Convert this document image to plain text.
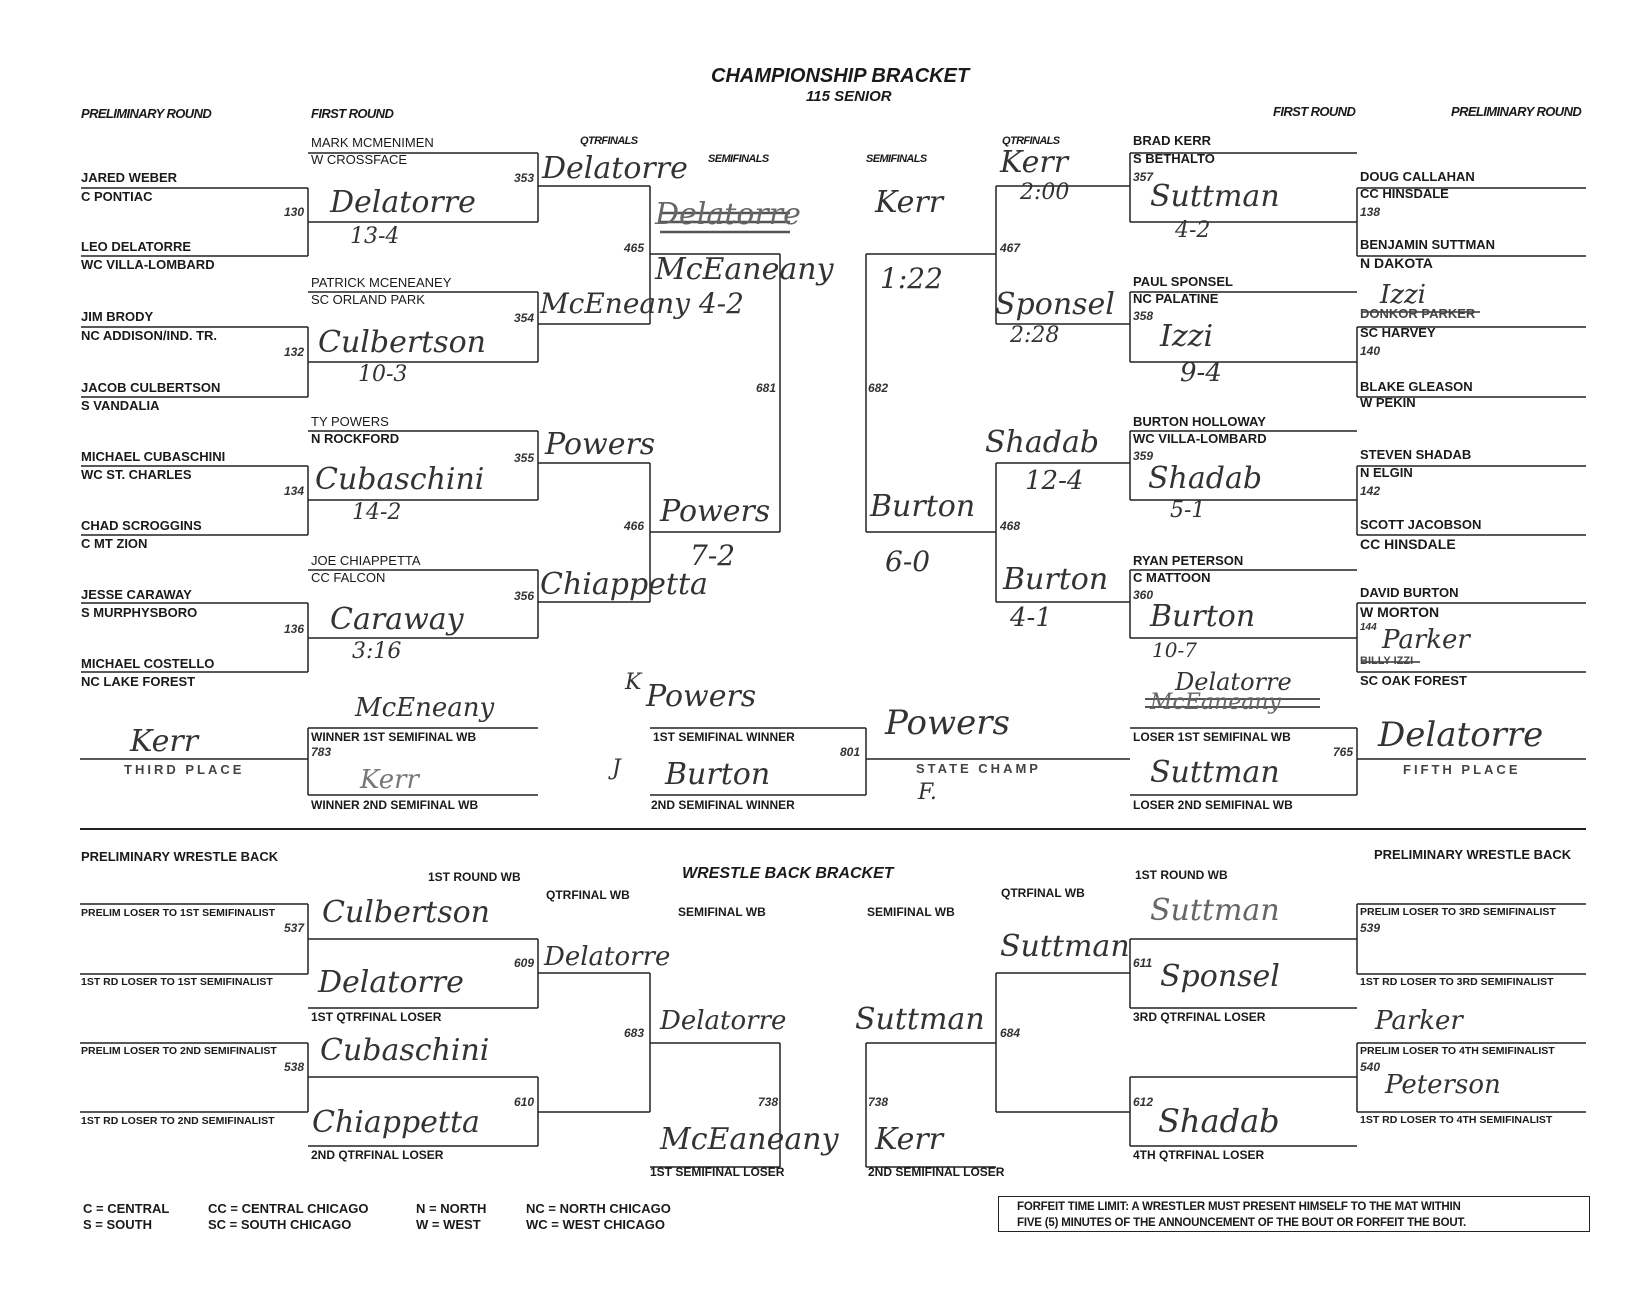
CHAMPIONSHIP BRACKET
115 SENIOR
PRELIMINARY ROUND	FIRST ROUND
QTRFINALS
SEMIFINALS	SEMIFINALS
QTRFINALS
FIRST ROUND	PRELIMINARY ROUND
JARED WEBER
C PONTIAC
LEO DELATORRE
WC VILLA-LOMBARD
JIM BRODY
NC ADDISON/IND. TR.
JACOB CULBERTSON
S VANDALIA
MICHAEL CUBASCHINI
WC ST. CHARLES
CHAD SCROGGINS
C MT ZION
JESSE CARAWAY
S MURPHYSBORO
MICHAEL COSTELLO
NC LAKE FOREST
130
132
134
136
Delatorre
13-4
Culbertson
10-3
Cubaschini
14-2
Caraway
3:16
MARK MCMENIMEN
W CROSSFACE
353
PATRICK MCENEANEY
SC ORLAND PARK
354
TY POWERS
N ROCKFORD
355
JOE CHIAPPETTA
CC FALCON
356
Delatorre
McEneany 4-2
Powers
Chiappetta
465
466
Delatorre
McEaneany
Powers
7-2
681	682
Kerr
1:22
Burton
6-0
Kerr
2:00
Sponsel
2:28
Shadab
12-4
Burton
4-1
467
468
BRAD KERR
S BETHALTO
357
PAUL SPONSEL
NC PALATINE
358
BURTON HOLLOWAY
WC VILLA-LOMBARD
359
RYAN PETERSON
C MATTOON
360
Suttman
4-2
Izzi
9-4
Shadab
5-1
Burton
10-7
DOUG CALLAHAN
CC HINSDALE
138
BENJAMIN SUTTMAN
N DAKOTA
DONKOR PARKER
SC HARVEY
140
BLAKE GLEASON
W PEKIN
STEVEN SHADAB
N ELGIN
142
SCOTT JACOBSON
CC HINSDALE
DAVID BURTON
W MORTON
144
BILLY IZZI
SC OAK FOREST
Izzi
Parker
McEneany
WINNER 1ST SEMIFINAL WB
783
Kerr
WINNER 2ND SEMIFINAL WB
Kerr
THIRD PLACE
K Powers
1ST SEMIFINAL WINNER
J Burton
2ND SEMIFINAL WINNER
801
Powers
STATE CHAMP
F.
Delatorre
McEaneany
LOSER 1ST SEMIFINAL WB
765
Suttman
LOSER 2ND SEMIFINAL WB
Delatorre
FIFTH PLACE
PRELIMINARY WRESTLE BACK	PRELIMINARY WRESTLE BACK
WRESTLE BACK BRACKET
1ST ROUND WB
QTRFINAL WB
SEMIFINAL WB	SEMIFINAL WB
QTRFINAL WB
1ST ROUND WB
PRELIM LOSER TO 1ST SEMIFINALIST
537
1ST RD LOSER TO 1ST SEMIFINALIST
PRELIM LOSER TO 2ND SEMIFINALIST
538
1ST RD LOSER TO 2ND SEMIFINALIST
Culbertson
Delatorre
1ST QTRFINAL LOSER
Cubaschini
Chiappetta
2ND QTRFINAL LOSER
609
610
Delatorre
683 Delatorre
738
McEaneany
1ST SEMIFINAL LOSER
738
Kerr
2ND SEMIFINAL LOSER
Suttman 684
Suttman 611
612
Suttman
Sponsel
3RD QTRFINAL LOSER
Shadab
4TH QTRFINAL LOSER
PRELIM LOSER TO 3RD SEMIFINALIST
539
1ST RD LOSER TO 3RD SEMIFINALIST
Parker
PRELIM LOSER TO 4TH SEMIFINALIST
540
Peterson
1ST RD LOSER TO 4TH SEMIFINALIST
C = CENTRAL
S = SOUTH
CC = CENTRAL CHICAGO
SC = SOUTH CHICAGO
N = NORTH
W = WEST
NC = NORTH CHICAGO
WC = WEST CHICAGO
FORFEIT TIME LIMIT: A WRESTLER MUST PRESENT HIMSELF TO THE MAT WITHIN
FIVE (5) MINUTES OF THE ANNOUNCEMENT OF THE BOUT OR FORFEIT THE BOUT.
